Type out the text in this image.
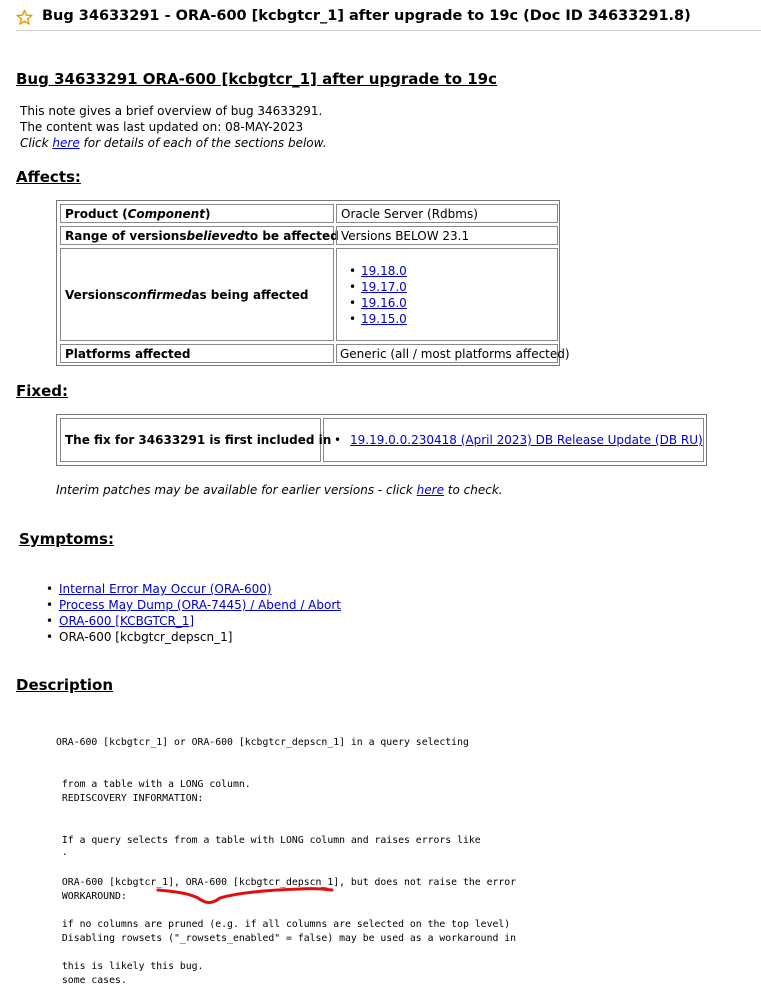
Bug 34633291 - ORA-600 [kcbgtcr_1] after upgrade to 19c (Doc ID 34633291.8)
Bug 34633291 ORA-600 [kcbgtcr_1] after upgrade to 19c
This note gives a brief overview of bug 34633291.
The content was last updated on: 08-MAY-2023
Click here for details of each of the sections below.
Affects:
Product ( Component )	Oracle Server (Rdbms)
Range of versions believed to be affected Versions BELOW 23.1
Versions confirmed as being affected
• 19.18.0
• 19.17.0
• 19.16.0
• 19.15.0
Platforms affected	Generic (all / most platforms affected)
Fixed:
The fix for 34633291 is first included in
•	19.19.0.0.230418 (April 2023) DB Release Update (DB RU)
Interim patches may be available for earlier versions - click here to check.
Symptoms:
• Internal Error May Occur (ORA-600)
• Process May Dump (ORA-7445) / Abend / Abort
• ORA-600 [KCBGTCR_1]
• ORA-600 [kcbgtcr_depscn_1]
Description

ORA-600 [kcbgtcr_1] or ORA-600 [kcbgtcr_depscn_1] in a query selecting

from a table with a LONG column.

REDISCOVERY INFORMATION:

If a query selects from a table with LONG column and raises errors like

ORA-600 [kcbgtcr_1], ORA-600 [kcbgtcr_depscn_1], but does not raise the error

if no columns are pruned (e.g. if all columns are selected on the top level)

this is likely this bug.

.

WORKAROUND:

Disabling rowsets ("_rowsets_enabled" = false) may be used as a workaround in

some cases.
